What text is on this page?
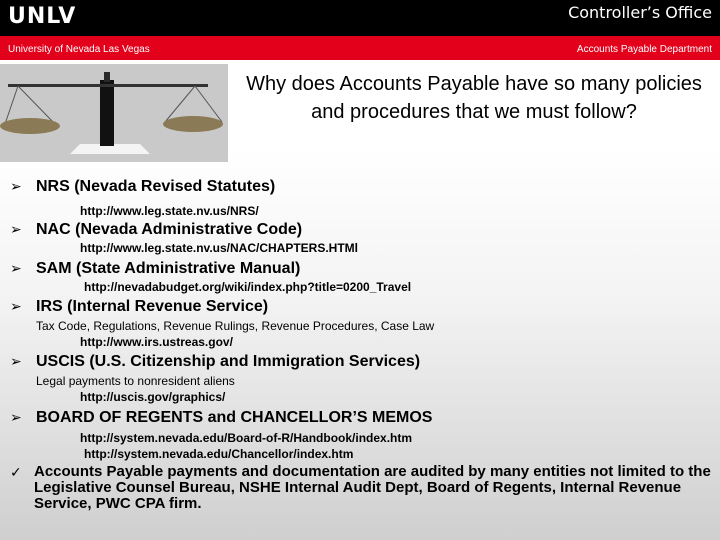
UNLV	Controller’s Office
University of Nevada Las Vegas	Accounts Payable Department
Why does Accounts Payable have so many policies and procedures that we must follow?
➢ NRS (Nevada Revised Statutes)
http://www.leg.state.nv.us/NRS/
➢ NAC (Nevada Administrative Code)
http://www.leg.state.nv.us/NAC/CHAPTERS.HTMl
➢ SAM (State Administrative Manual)
http://nevadabudget.org/wiki/index.php?title=0200_Travel
➢ IRS (Internal Revenue Service)
Tax Code, Regulations, Revenue Rulings, Revenue Procedures, Case Law
http://www.irs.ustreas.gov/
➢ USCIS (U.S. Citizenship and Immigration Services)
Legal payments to nonresident aliens
http://uscis.gov/graphics/
➢ BOARD OF REGENTS and CHANCELLOR’S MEMOS
http://system.nevada.edu/Board-of-R/Handbook/index.htm
http://system.nevada.edu/Chancellor/index.htm
✓ Accounts Payable payments and documentation are audited by many entities not limited to the Legislative Counsel Bureau, NSHE Internal Audit Dept, Board of Regents, Internal Revenue Service, PWC CPA firm.
